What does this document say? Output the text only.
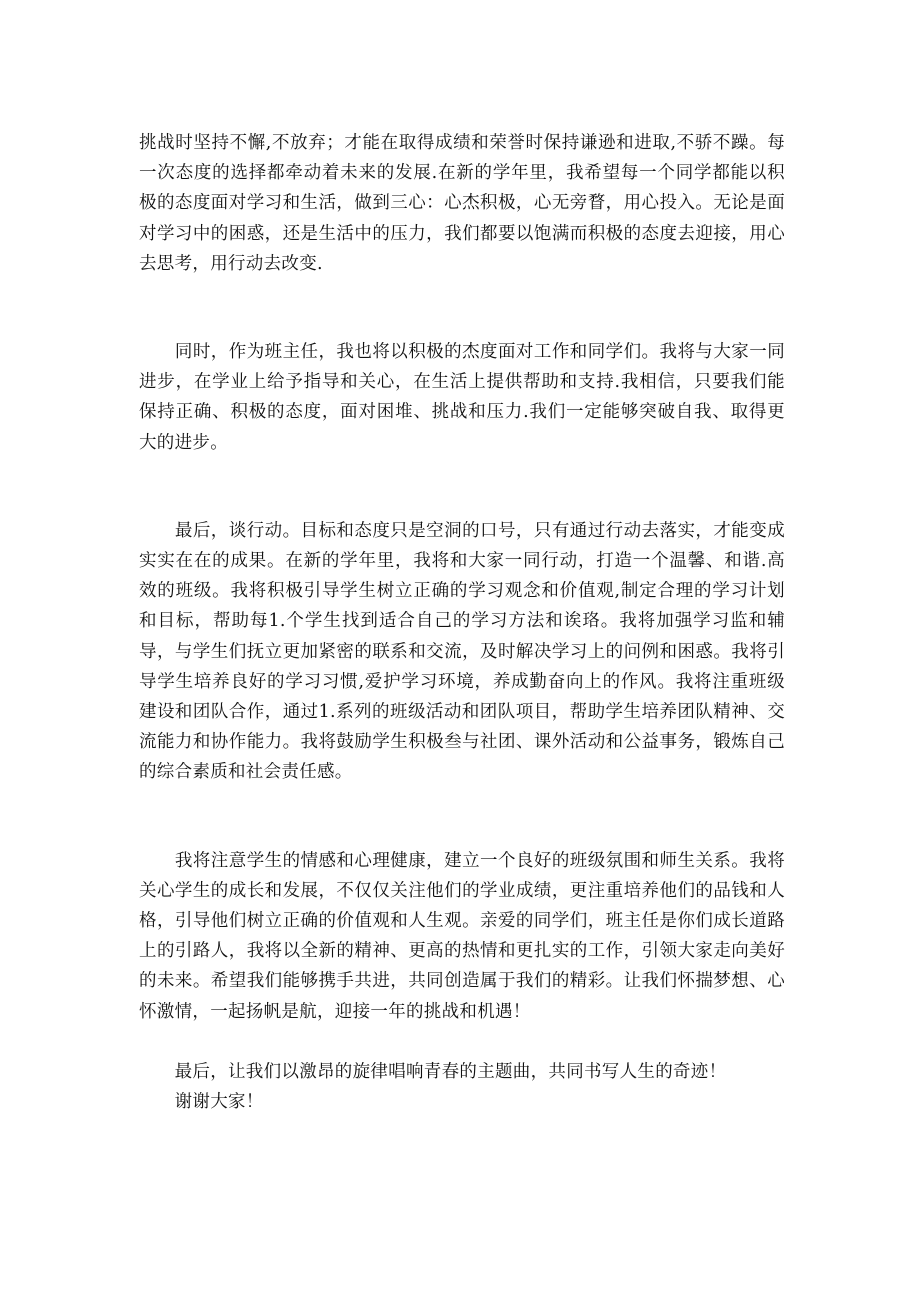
挑战时坚持不懈,不放弃；才能在取得成绩和荣誉时保持谦逊和进取,不骄不躁。每一次态度的选择都牵动着未来的发展.在新的学年里，我希望每一个同学都能以积极的态度面对学习和生活，做到三心：心杰积极，心无旁瞀，用心投入。无论是面对学习中的困惑，还是生活中的压力，我们都要以饱满而积极的态度去迎接，用心去思考，用行动去改变.

　　同时，作为班主任，我也将以积极的杰度面对工作和同学们。我将与大家一同进步，在学业上给予指导和关心，在生活上提供帮助和支持.我相信，只要我们能保持正确、积极的态度，面对困堆、挑战和压力.我们一定能够突破自我、取得更大的进步。

　　最后，谈行动。目标和态度只是空洞的口号，只有通过行动去落实，才能变成实实在在的成果。在新的学年里，我将和大家一同行动，打造一个温馨、和谐.高效的班级。我将积极引导学生树立正确的学习观念和价值观,制定合理的学习计划和目标，帮助每1.个学生找到适合自己的学习方法和诶珞。我将加强学习监和辅导，与学生们抚立更加紧密的联系和交流，及时解决学习上的问例和困惑。我将引导学生培养良好的学习习惯,爱护学习环境，养成勤奋向上的作风。我将注重班级建设和团队合作，通过1.系列的班级活动和团队项目，帮助学生培养团队精神、交流能力和协作能力。我将鼓励学生积极叁与社团、课外活动和公益事务，锻炼自己的综合素质和社会责任感。

　　我将注意学生的情感和心理健康，建立一个良好的班级氛围和师生关系。我将关心学生的成长和发展，不仅仅关注他们的学业成绩，更注重培养他们的品钱和人格，引导他们树立正确的价值观和人生观。亲爱的同学们，班主任是你们成长道路上的引路人，我将以全新的精神、更高的热情和更扎实的工作，引领大家走向美好的未来。希望我们能够携手共进，共同创造属于我们的精彩。让我们怀揣梦想、心怀激情，一起扬帆是航，迎接一年的挑战和机遇！

　　最后，让我们以激昂的旋律唱响青春的主题曲，共同书写人生的奇迹！

　　谢谢大家！
